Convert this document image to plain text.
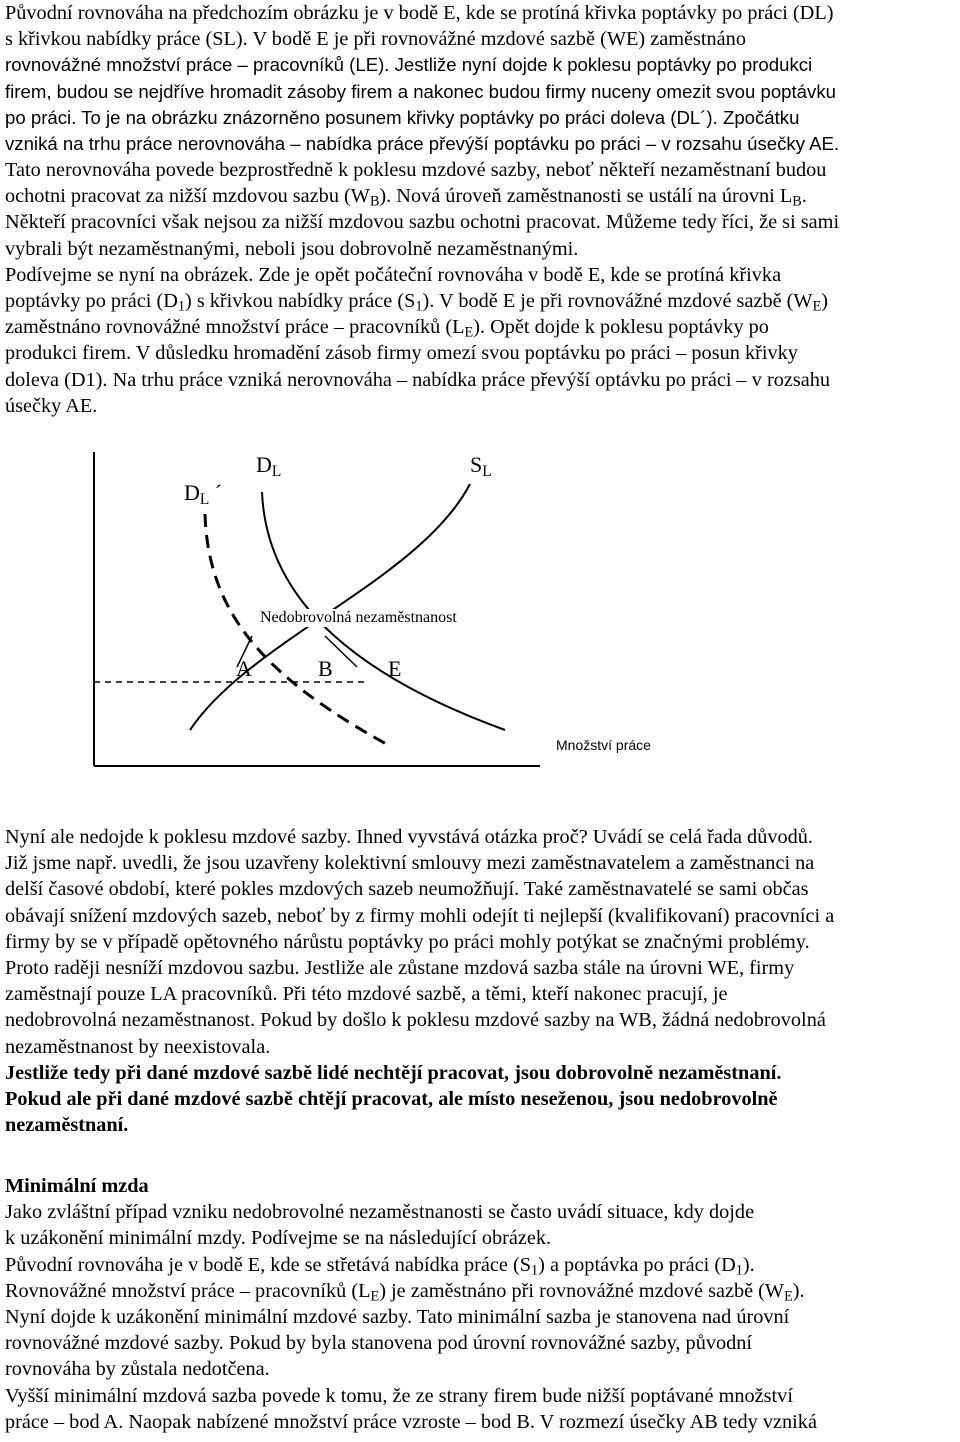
Původní rovnováha na předchozím obrázku je v bodě E, kde se protíná křivka poptávky po práci (DL)
s křivkou nabídky práce (SL). V bodě E je při rovnovážné mzdové sazbě (WE) zaměstnáno
rovnovážné množství práce – pracovníků (LE). Jestliže nyní dojde k poklesu poptávky po produkci
firem, budou se nejdříve hromadit zásoby firem a nakonec budou firmy nuceny omezit svou poptávku
po práci. To je na obrázku znázorněno posunem křivky poptávky po práci doleva (DL´). Zpočátku
vzniká na trhu práce nerovnováha – nabídka práce převýší poptávku po práci – v rozsahu úsečky AE.
Tato nerovnováha povede bezprostředně k poklesu mzdové sazby, neboť někteří nezaměstnaní budou
ochotni pracovat za nižší mzdovou sazbu $(W_B)$. Nová úroveň zaměstnanosti se ustálí na úrovni $L_B$.
Někteří pracovníci však nejsou za nižší mzdovou sazbu ochotni pracovat. Můžeme tedy říci, že si sami
vybrali být nezaměstnanými, neboli jsou dobrovolně nezaměstnanými.
Podívejme se nyní na obrázek. Zde je opět počáteční rovnováha v bodě E, kde se protíná křivka
poptávky po práci $(D_1)$ s křivkou nabídky práce $(S_1)$. V bodě E je při rovnovážné mzdové sazbě $(W_E)$
zaměstnáno rovnovážné množství práce – pracovníků $(L_E)$. Opět dojde k poklesu poptávky po
produkci firem. V důsledku hromadění zásob firmy omezí svou poptávku po práci – posun křivky
doleva (D1). Na trhu práce vzniká nerovnováha – nabídka práce převýší optávku po práci – v rozsahu
úsečky AE.
$D_L$ ´
$D_L$	$S_L$
Nedobrovolná nezaměstnanost
A	B	E
Množství práce
Nyní ale nedojde k poklesu mzdové sazby. Ihned vyvstává otázka proč? Uvádí se celá řada důvodů.
Již jsme např. uvedli, že jsou uzavřeny kolektivní smlouvy mezi zaměstnavatelem a zaměstnanci na
delší časové období, které pokles mzdových sazeb neumožňují. Také zaměstnavatelé se sami občas
obávají snížení mzdových sazeb, neboť by z firmy mohli odejít ti nejlepší (kvalifikovaní) pracovníci a
firmy by se v případě opětovného nárůstu poptávky po práci mohly potýkat se značnými problémy.
Proto raději nesníží mzdovou sazbu. Jestliže ale zůstane mzdová sazba stále na úrovni WE, firmy
zaměstnají pouze LA pracovníků. Při této mzdové sazbě, a těmi, kteří nakonec pracují, je
nedobrovolná nezaměstnanost. Pokud by došlo k poklesu mzdové sazby na WB, žádná nedobrovolná
nezaměstnanost by neexistovala.
Jestliže tedy při dané mzdové sazbě lidé nechtějí pracovat, jsou dobrovolně nezaměstnaní.
Pokud ale při dané mzdové sazbě chtějí pracovat, ale místo neseženou, jsou nedobrovolně
nezaměstnaní.
Minimální mzda
Jako zvláštní případ vzniku nedobrovolné nezaměstnanosti se často uvádí situace, kdy dojde
k uzákonění minimální mzdy. Podívejme se na následující obrázek.
Původní rovnováha je v bodě E, kde se střetává nabídka práce $(S_1)$ a poptávka po práci $(D_1)$.
Rovnovážné množství práce – pracovníků $(L_E)$ je zaměstnáno při rovnovážné mzdové sazbě $(W_E)$.
Nyní dojde k uzákonění minimální mzdové sazby. Tato minimální sazba je stanovena nad úrovní
rovnovážné mzdové sazby. Pokud by byla stanovena pod úrovní rovnovážné sazby, původní
rovnováha by zůstala nedotčena.
Vyšší minimální mzdová sazba povede k tomu, že ze strany firem bude nižší poptávané množství
práce – bod A. Naopak nabízené množství práce vzroste – bod B. V rozmezí úsečky AB tedy vzniká
